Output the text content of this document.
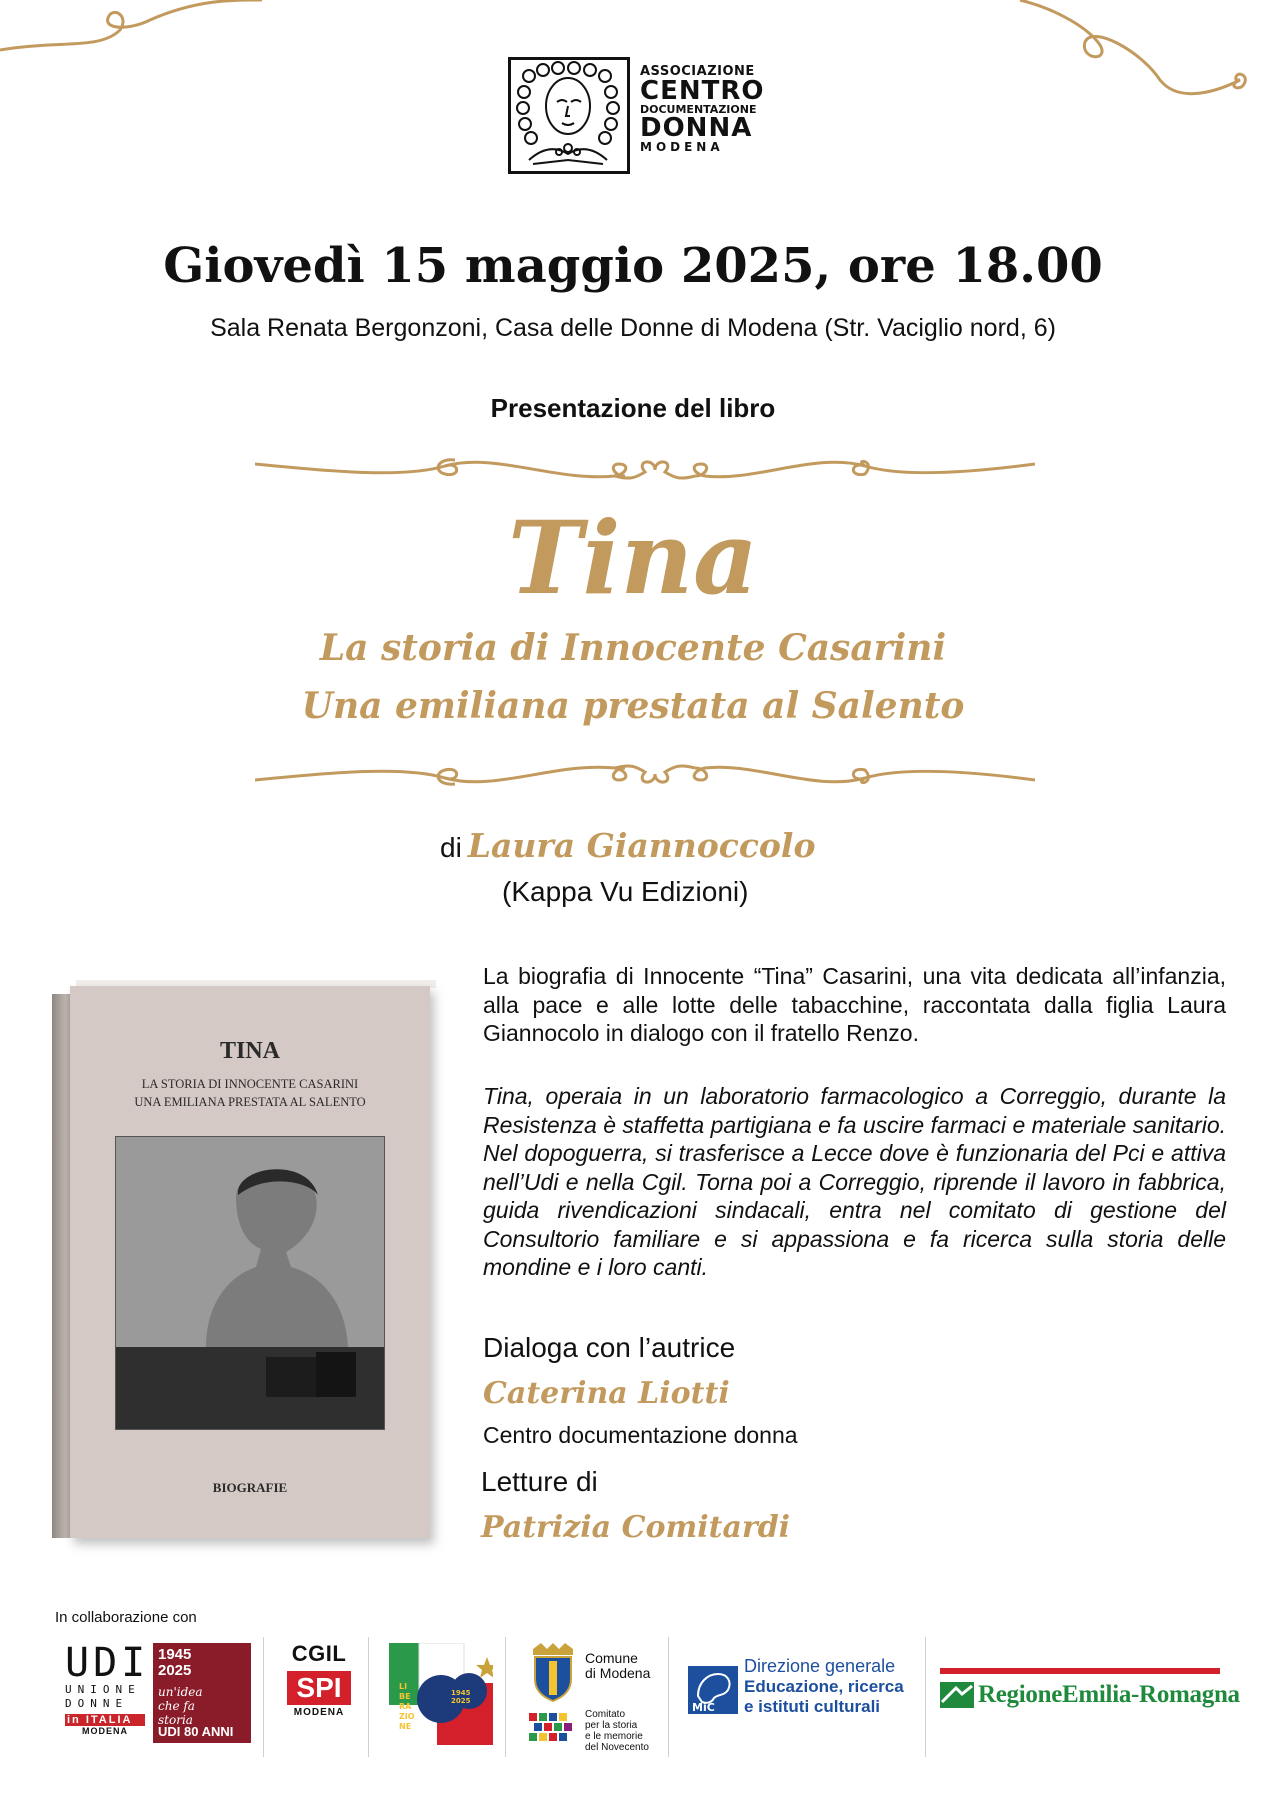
ASSOCIAZIONE
CENTRO
DOCUMENTAZIONE
DONNA
MODENA
Giovedì 15 maggio 2025, ore 18.00
Sala Renata Bergonzoni, Casa delle Donne di Modena (Str. Vaciglio nord, 6)
Presentazione del libro
Tina
La storia di Innocente Casarini
Una emiliana prestata al Salento
di Laura Giannoccolo
(Kappa Vu Edizioni)
TINA
LA STORIA DI INNOCENTE CASARINI
UNA EMILIANA PRESTATA AL SALENTO
BIOGRAFIE
La biografia di Innocente “Tina” Casarini, una vita dedicata all’infanzia, alla pace e alle lotte delle tabacchine, raccontata dalla figlia Laura Giannocolo in dialogo con il fratello Renzo.
Tina, operaia in un laboratorio farmacologico a Correggio, durante la Resistenza è staffetta partigiana e fa uscire farmaci e materiale sanitario. Nel dopoguerra, si trasferisce a Lecce dove è funzionaria del Pci e attiva nell’Udi e nella Cgil. Torna poi a Correggio, riprende il lavoro in fabbrica, guida rivendicazioni sindacali, entra nel comitato di gestione del Consultorio familiare e si appassiona e fa ricerca sulla storia delle mondine e i loro canti.
Dialoga con l’autrice
Caterina Liotti
Centro documentazione donna
Letture di
Patrizia Comitardi
In collaborazione con
UDI
UNIONE
DONNE
in ITALIA
MODENA
1945
2025
un'idea che fa storia
UDI 80 ANNI
CGIL
SPI
MODENA
1945
2025
LI
BE
RA
ZIO
NE
Comune
di Modena
Comitato
per la storia
e le memorie
del Novecento
MiC
Direzione generale
Educazione, ricerca
e istituti culturali	RegioneEmilia-Romagna
